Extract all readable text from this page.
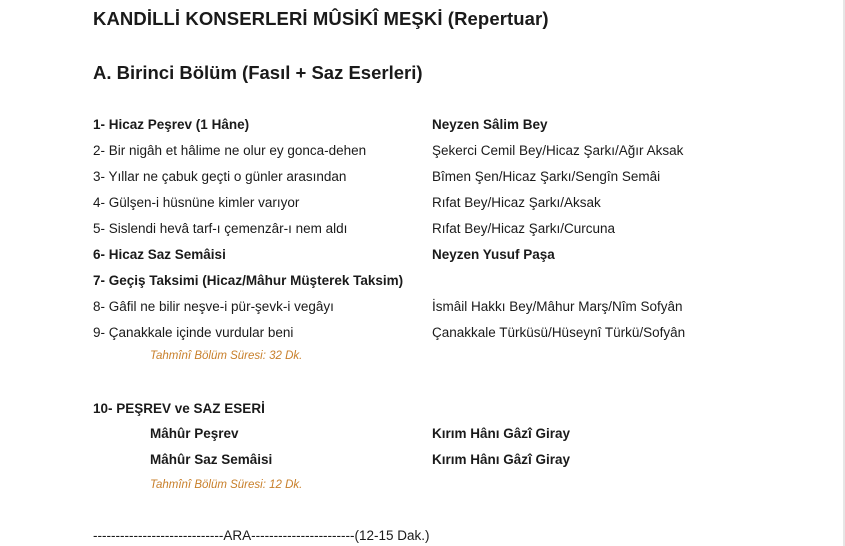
KANDİLLİ KONSERLERİ MÛSİKÎ MEŞKİ (Repertuar)
A. Birinci Bölüm (Fasıl + Saz Eserleri)
1- Hicaz Peşrev (1 Hâne)	Neyzen Sâlim Bey
2- Bir nigâh et hâlime ne olur ey gonca-dehen	Şekerci Cemil Bey/Hicaz Şarkı/Ağır Aksak
3- Yıllar ne çabuk geçti o günler arasından	Bîmen Şen/Hicaz Şarkı/Sengîn Semâi
4- Gülşen-i hüsnüne kimler varıyor	Rıfat Bey/Hicaz Şarkı/Aksak
5- Sislendi hevâ tarf-ı çemenzâr-ı nem aldı	Rıfat Bey/Hicaz Şarkı/Curcuna
6- Hicaz Saz Semâisi	Neyzen Yusuf Paşa
7- Geçiş Taksimi (Hicaz/Mâhur Müşterek Taksim)
8- Gâfil ne bilir neşve-i pür-şevk-i vegâyı	İsmâil Hakkı Bey/Mâhur Marş/Nîm Sofyân
9- Çanakkale içinde vurdular beni	Çanakkale Türküsü/Hüseynî Türkü/Sofyân
Tahmînî Bölüm Süresi: 32 Dk.
10- PEŞREV ve SAZ ESERİ
Mâhûr Peşrev	Kırım Hânı Gâzî Giray
Mâhûr Saz Semâisi	Kırım Hânı Gâzî Giray
Tahmînî Bölüm Süresi: 12 Dk.
-----------------------------ARA-----------------------(12-15 Dak.)
